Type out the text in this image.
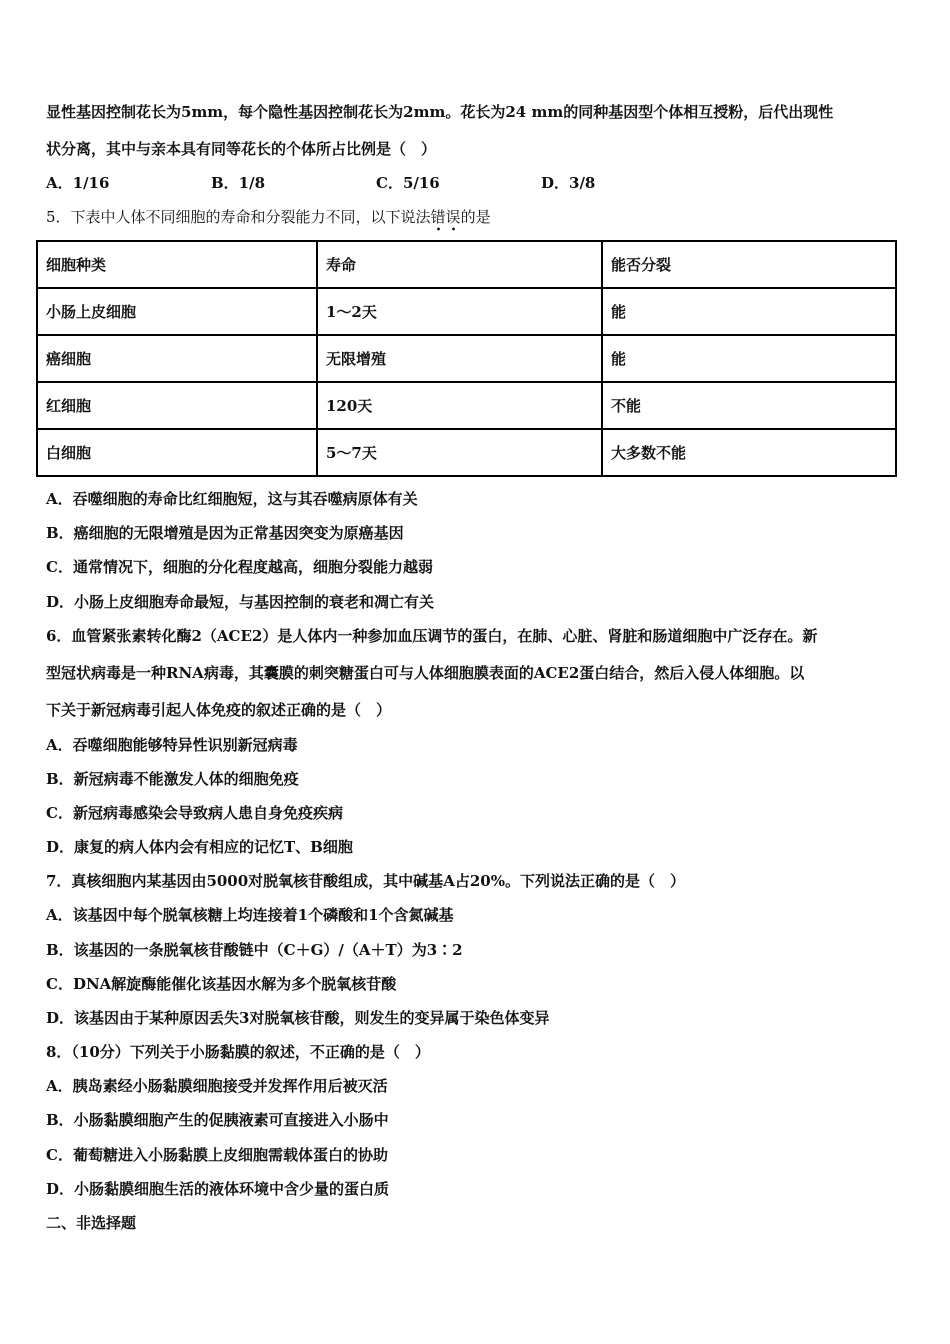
显性基因控制花长为5mm，每个隐性基因控制花长为2mm。花长为24 mm的同种基因型个体相互授粉，后代出现性
状分离，其中与亲本具有同等花长的个体所占比例是（　）
A．1/16	B．1/8	C．5/16	D．3/8
5．下表中人体不同细胞的寿命和分裂能力不同，以下说法错误的是
细胞种类	寿命	能否分裂
小肠上皮细胞	1～2天	能
癌细胞	无限增殖	能
红细胞	120天	不能
白细胞	5～7天	大多数不能
A．吞噬细胞的寿命比红细胞短，这与其吞噬病原体有关
B．癌细胞的无限增殖是因为正常基因突变为原癌基因
C．通常情况下，细胞的分化程度越高，细胞分裂能力越弱
D．小肠上皮细胞寿命最短，与基因控制的衰老和凋亡有关
6．血管紧张素转化酶2（ACE2）是人体内一种参加血压调节的蛋白，在肺、心脏、肾脏和肠道细胞中广泛存在。新
型冠状病毒是一种RNA病毒，其囊膜的刺突糖蛋白可与人体细胞膜表面的ACE2蛋白结合，然后入侵人体细胞。以
下关于新冠病毒引起人体免疫的叙述正确的是（　）
A．吞噬细胞能够特异性识别新冠病毒
B．新冠病毒不能激发人体的细胞免疫
C．新冠病毒感染会导致病人患自身免疫疾病
D．康复的病人体内会有相应的记忆T、B细胞
7．真核细胞内某基因由5000对脱氧核苷酸组成，其中碱基A占20%。下列说法正确的是（　）
A．该基因中每个脱氧核糖上均连接着1个磷酸和1个含氮碱基
B．该基因的一条脱氧核苷酸链中（C＋G）/（A＋T）为3∶2
C．DNA解旋酶能催化该基因水解为多个脱氧核苷酸
D．该基因由于某种原因丢失3对脱氧核苷酸，则发生的变异属于染色体变异
8．（10分）下列关于小肠黏膜的叙述，不正确的是（　）
A．胰岛素经小肠黏膜细胞接受并发挥作用后被灭活
B．小肠黏膜细胞产生的促胰液素可直接进入小肠中
C．葡萄糖进入小肠黏膜上皮细胞需载体蛋白的协助
D．小肠黏膜细胞生活的液体环境中含少量的蛋白质
二、非选择题
